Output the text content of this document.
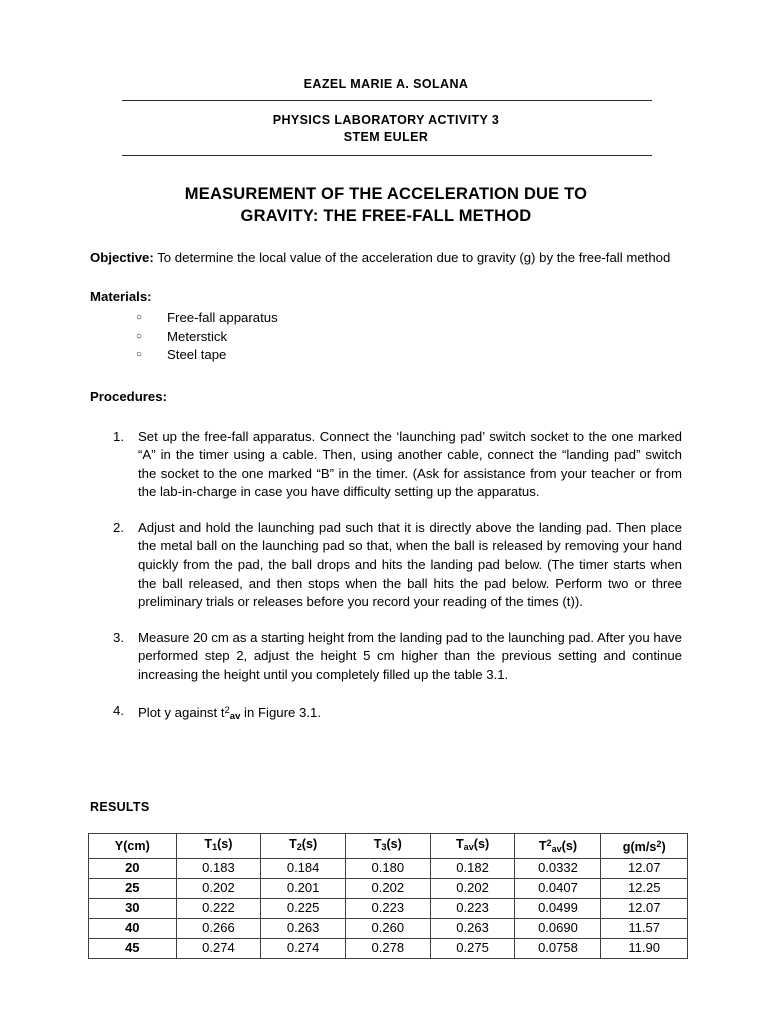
EAZEL MARIE A. SOLANA
PHYSICS LABORATORY ACTIVITY 3
STEM EULER
MEASUREMENT OF THE ACCELERATION DUE TO
GRAVITY: THE FREE-FALL METHOD

Objective: To determine the local value of the acceleration due to gravity (g) by the free-fall method

Materials:

○ Free-fall apparatus
○ Meterstick
○ Steel tape

Procedures:

1. Set up the free-fall apparatus. Connect the ‘launching pad’ switch socket to the one marked “A” in the timer using a cable. Then, using another cable, connect the “landing pad” switch the socket to the one marked “B” in the timer. (Ask for assistance from your teacher or from the lab-in-charge in case you have difficulty setting up the apparatus.
2. Adjust and hold the launching pad such that it is directly above the landing pad. Then place the metal ball on the launching pad so that, when the ball is released by removing your hand quickly from the pad, the ball drops and hits the landing pad below. (The timer starts when the ball released, and then stops when the ball hits the pad below. Perform two or three preliminary trials or releases before you record your reading of the times (t)).
3. Measure 20 cm as a starting height from the landing pad to the launching pad. After you have performed step 2, adjust the height 5 cm higher than the previous setting and continue increasing the height until you completely filled up the table 3.1.
4. Plot y against $t^2_{av}$ in Figure 3.1.
RESULTS
Y(cm)	$T_1(s)$	$T_2(s)$	$T_3(s)$	$T_{av}(s)$	$T^2_{av}(s)$	$g(m/s^2)$
20	0.183	0.184	0.180	0.182	0.0332	12.07
25	0.202	0.201	0.202	0.202	0.0407	12.25
30	0.222	0.225	0.223	0.223	0.0499	12.07
40	0.266	0.263	0.260	0.263	0.0690	11.57
45	0.274	0.274	0.278	0.275	0.0758	11.90
